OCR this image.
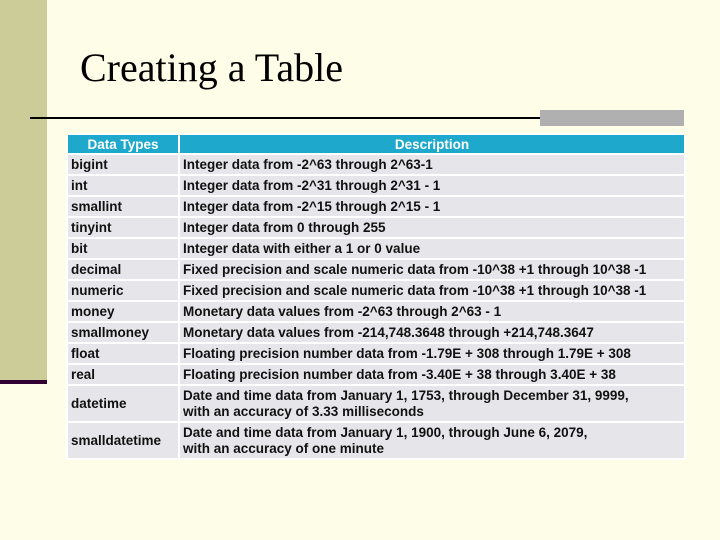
Creating a Table
Data Types	Description
bigint	Integer data from -2^63 through 2^63-1
int	Integer data from -2^31 through 2^31 - 1
smallint	Integer data from -2^15 through 2^15 - 1
tinyint	Integer data from 0 through 255
bit	Integer data with either a 1 or 0 value
decimal	Fixed precision and scale numeric data from -10^38 +1 through 10^38 -1
numeric	Fixed precision and scale numeric data from -10^38 +1 through 10^38 -1
money	Monetary data values from -2^63 through 2^63 - 1
smallmoney	Monetary data values from -214,748.3648 through +214,748.3647
float	Floating precision number data from -1.79E + 308 through 1.79E + 308
real	Floating precision number data from -3.40E + 38 through 3.40E + 38
datetime	Date and time data from January 1, 1753, through December 31, 9999,
with an accuracy of 3.33 milliseconds

smalldatetime	Date and time data from January 1, 1900, through June 6, 2079,
with an accuracy of one minute
